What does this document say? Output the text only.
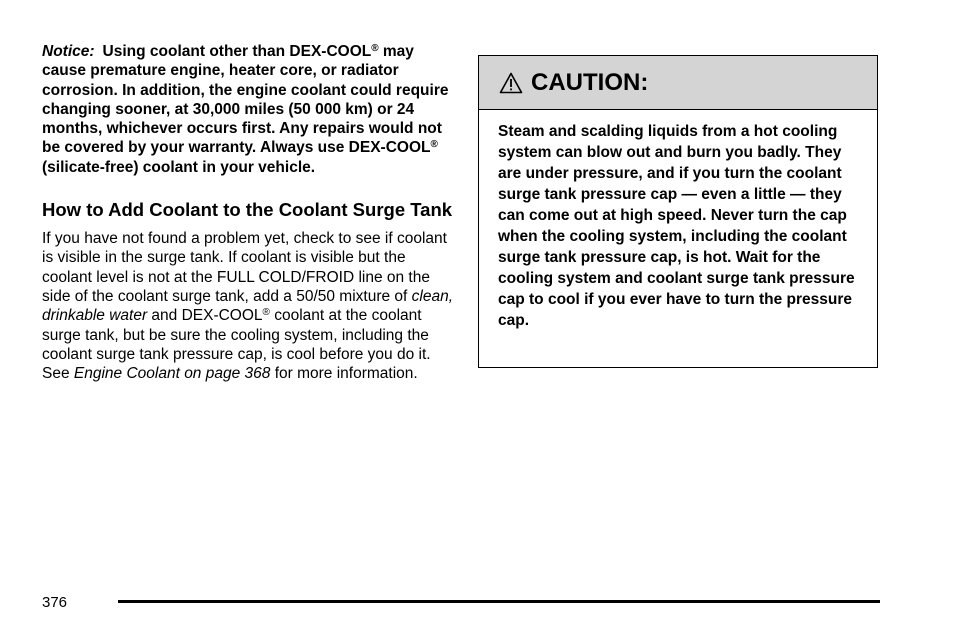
Notice: Using coolant other than DEX-COOL® may cause premature engine, heater core, or radiator corrosion. In addition, the engine coolant could require changing sooner, at 30,000 miles (50 000 km) or 24 months, whichever occurs first. Any repairs would not be covered by your warranty. Always use DEX-COOL® (silicate-free) coolant in your vehicle.

How to Add Coolant to the Coolant Surge Tank

If you have not found a problem yet, check to see if coolant is visible in the surge tank. If coolant is visible but the coolant level is not at the FULL COLD/FROID line on the side of the coolant surge tank, add a 50/50 mixture of clean, drinkable water and DEX-COOL® coolant at the coolant surge tank, but be sure the cooling system, including the coolant surge tank pressure cap, is cool before you do it. See Engine Coolant on page 368 for more information.

CAUTION:

Steam and scalding liquids from a hot cooling system can blow out and burn you badly. They are under pressure, and if you turn the coolant surge tank pressure cap — even a little — they can come out at high speed. Never turn the cap when the cooling system, including the coolant surge tank pressure cap, is hot. Wait for the cooling system and coolant surge tank pressure cap to cool if you ever have to turn the pressure cap.

376
